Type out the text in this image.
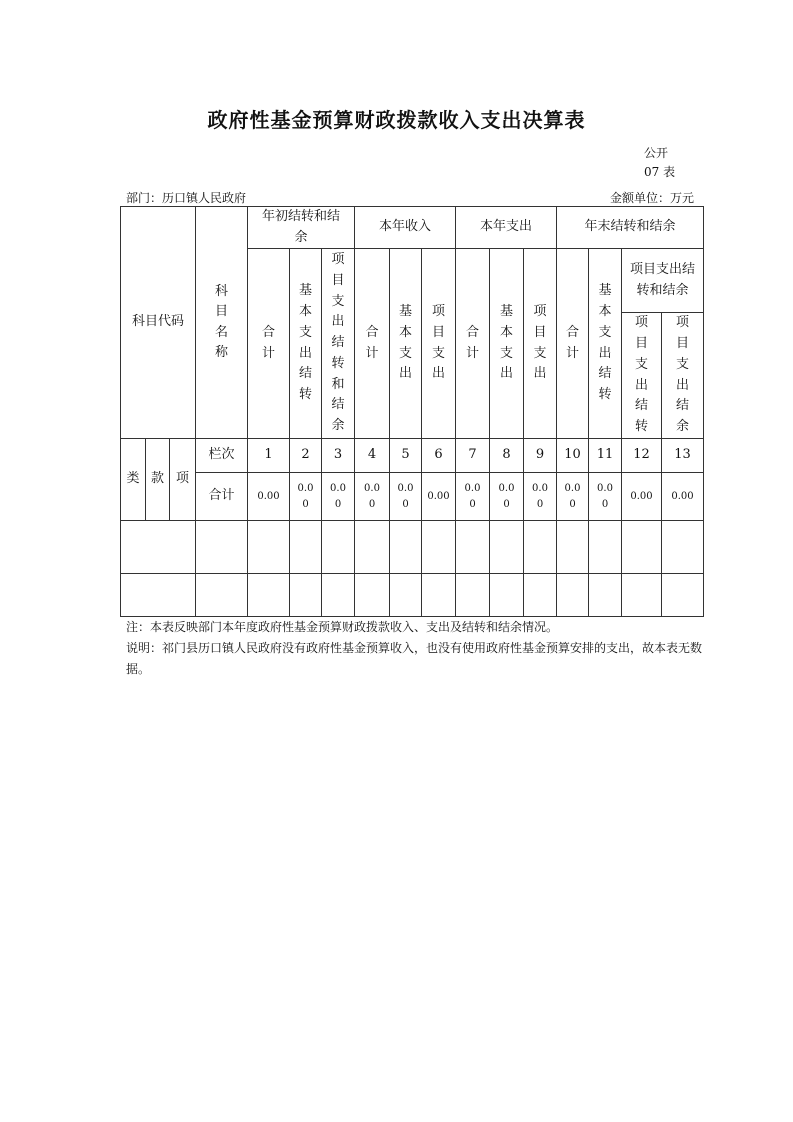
政府性基金预算财政拨款收入支出决算表
公开
07 表
部门：历口镇人民政府	金额单位：万元
科目代码			科目名称	年初结转和结余			本年收入			本年支出			年末结转和结余			
				合计	基本支出结转	项目支出结转和结余	合计	基本支出	项目支出	合计	基本支出	项目支出	合计	基本支出结转	项目支出结转和结余	
															项目支出结转	项目支出结余
类	款	项	栏次	1	2	3	4	5	6	7	8	9	10	11	12	13
			合计	0.00	0.00	0.00	0.00	0.00	0.00	0.00	0.00	0.00	0.00	0.00	0.00	0.00

注：本表反映部门本年度政府性基金预算财政拨款收入、支出及结转和结余情况。
说明：祁门县历口镇人民政府没有政府性基金预算收入，也没有使用政府性基金预算安排的支出，故本表无数据。
